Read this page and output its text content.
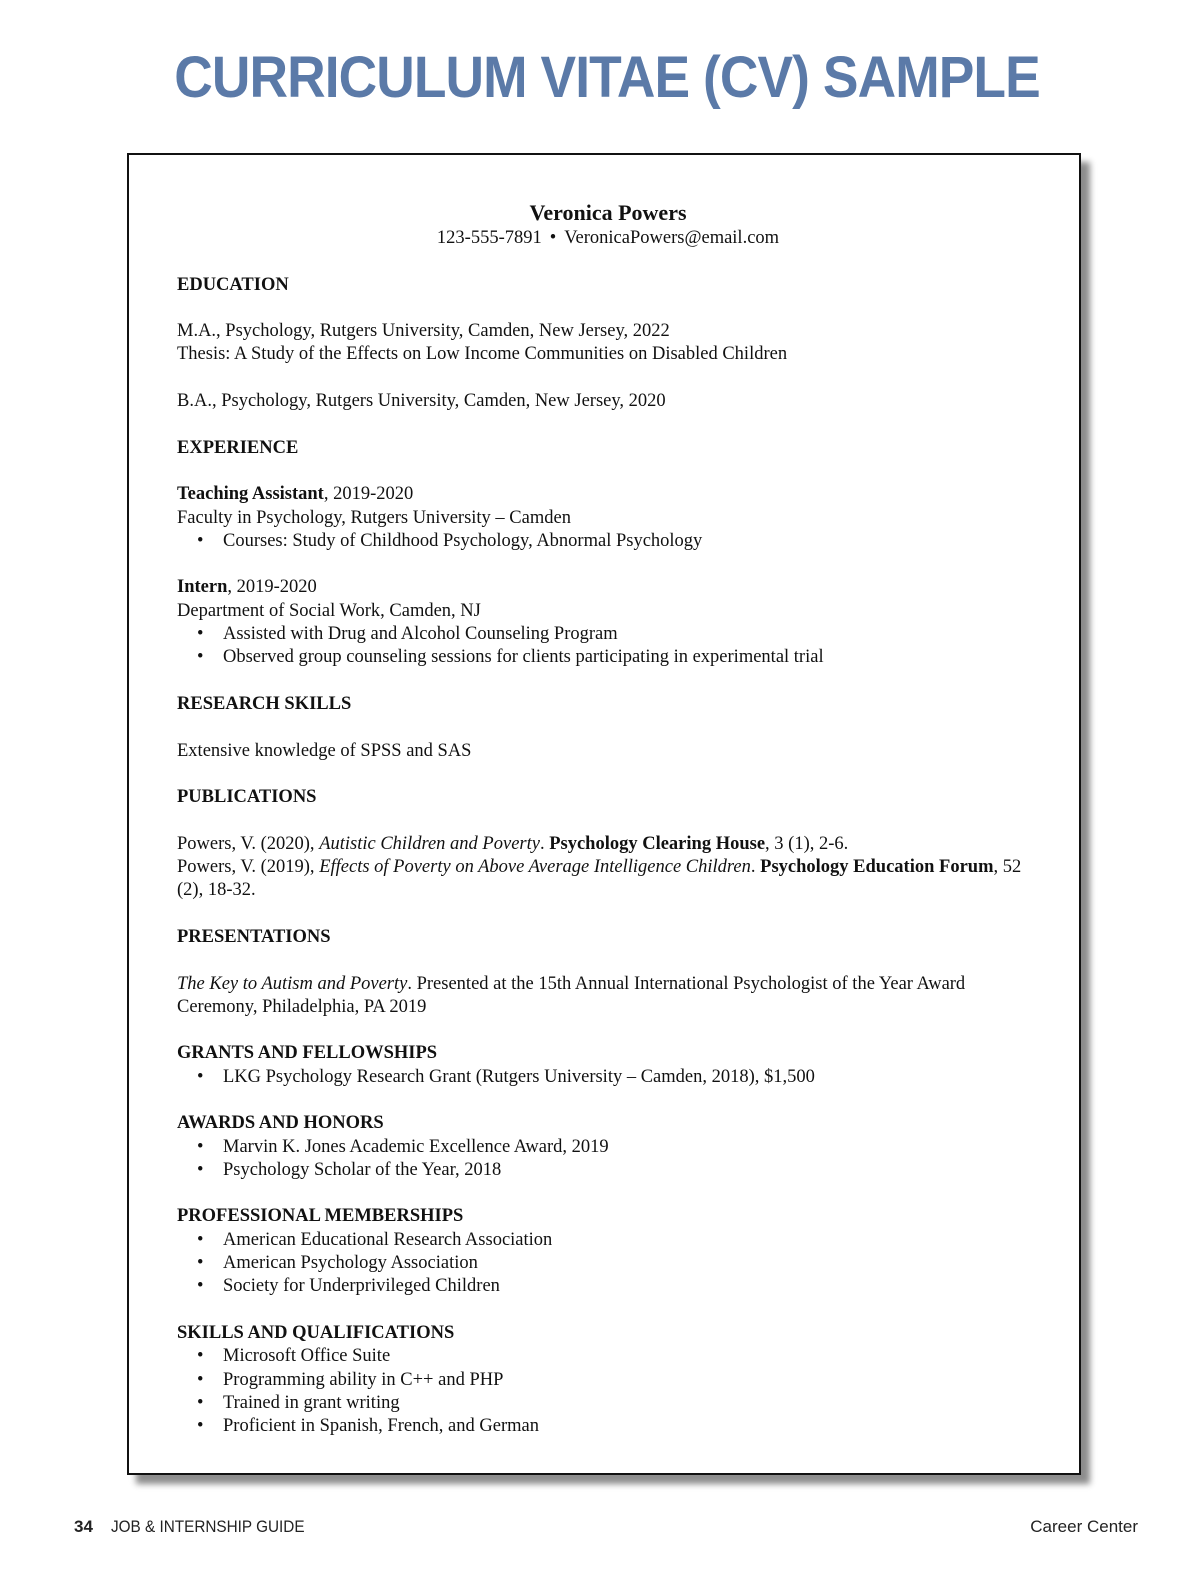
CURRICULUM VITAE (CV) SAMPLE
Veronica Powers
123-555-7891 • VeronicaPowers@email.com
EDUCATION
M.A., Psychology, Rutgers University, Camden, New Jersey, 2022
Thesis: A Study of the Effects on Low Income Communities on Disabled Children
B.A., Psychology, Rutgers University, Camden, New Jersey, 2020
EXPERIENCE
Teaching Assistant, 2019-2020
Faculty in Psychology, Rutgers University – Camden
• Courses: Study of Childhood Psychology, Abnormal Psychology
Intern, 2019-2020
Department of Social Work, Camden, NJ
• Assisted with Drug and Alcohol Counseling Program
• Observed group counseling sessions for clients participating in experimental trial
RESEARCH SKILLS
Extensive knowledge of SPSS and SAS
PUBLICATIONS
Powers, V. (2020), Autistic Children and Poverty. Psychology Clearing House, 3 (1), 2-6.
Powers, V. (2019), Effects of Poverty on Above Average Intelligence Children. Psychology Education Forum, 52 (2), 18-32.
PRESENTATIONS
The Key to Autism and Poverty. Presented at the 15th Annual International Psychologist of the Year Award Ceremony, Philadelphia, PA 2019
GRANTS AND FELLOWSHIPS
• LKG Psychology Research Grant (Rutgers University – Camden, 2018), $1,500
AWARDS AND HONORS
• Marvin K. Jones Academic Excellence Award, 2019
• Psychology Scholar of the Year, 2018
PROFESSIONAL MEMBERSHIPS
• American Educational Research Association
• American Psychology Association
• Society for Underprivileged Children
SKILLS AND QUALIFICATIONS
• Microsoft Office Suite
• Programming ability in C++ and PHP
• Trained in grant writing
• Proficient in Spanish, French, and German
34 JOB & INTERNSHIP GUIDE	Career Center
